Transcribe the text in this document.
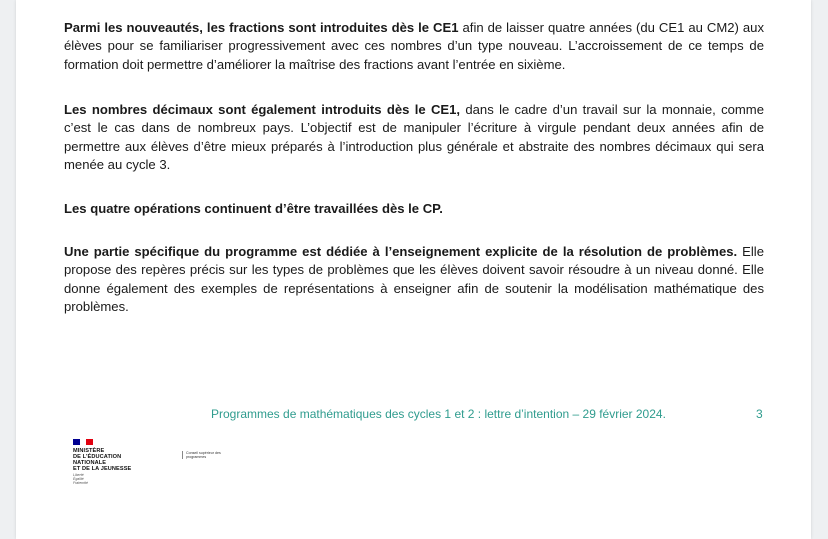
Parmi les nouveautés, les fractions sont introduites dès le CE1 afin de laisser quatre années (du CE1 au CM2) aux élèves pour se familiariser progressivement avec ces nombres d’un type nouveau. L’accroissement de ce temps de formation doit permettre d’améliorer la maîtrise des fractions avant l’entrée en sixième.

Les nombres décimaux sont également introduits dès le CE1, dans le cadre d’un travail sur la monnaie, comme c’est le cas dans de nombreux pays. L’objectif est de manipuler l’écriture à virgule pendant deux années afin de permettre aux élèves d’être mieux préparés à l’introduction plus générale et abstraite des nombres décimaux qui sera menée au cycle 3.

Les quatre opérations continuent d’être travaillées dès le CP.

Une partie spécifique du programme est dédiée à l’enseignement explicite de la résolution de problèmes. Elle propose des repères précis sur les types de problèmes que les élèves doivent savoir résoudre à un niveau donné. Elle donne également des exemples de représentations à enseigner afin de soutenir la modélisation mathématique des problèmes.

Programmes de mathématiques des cycles 1 et 2 : lettre d’intention – 29 février 2024.	3
MINISTÈRE
DE L’ÉDUCATION
NATIONALE
ET DE LA JEUNESSE
Liberté
Égalité
Fraternité
Conseil supérieur des programmes
